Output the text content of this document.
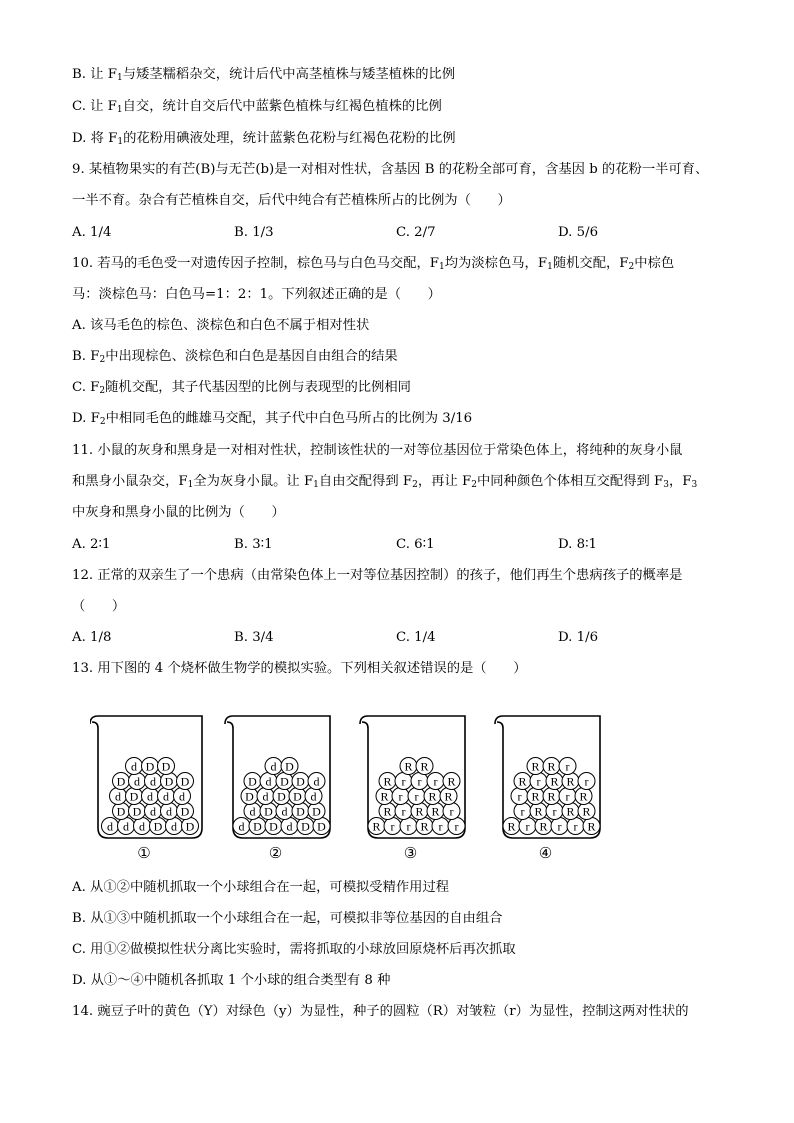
B. 让 $F_1$与矮茎糯稻杂交，统计后代中高茎植株与矮茎植株的比例
C. 让 $F_1$自交，统计自交后代中蓝紫色植株与红褐色植株的比例
D. 将 $F_1$的花粉用碘液处理，统计蓝紫色花粉与红褐色花粉的比例
9. 某植物果实的有芒(B)与无芒(b)是一对相对性状，含基因 B 的花粉全部可育，含基因 b 的花粉一半可育、
一半不育。杂合有芒植株自交，后代中纯合有芒植株所占的比例为（　　）
A. 1/4	B. 1/3	C. 2/7	D. 5/6
10. 若马的毛色受一对遗传因子控制，棕色马与白色马交配，$F_1$均为淡棕色马，$F_1$随机交配，$F_2$中棕色
马：淡棕色马：白色马=1：2：1。下列叙述正确的是（　　）
A. 该马毛色的棕色、淡棕色和白色不属于相对性状
B. $F_2$中出现棕色、淡棕色和白色是基因自由组合的结果
C. $F_2$随机交配，其子代基因型的比例与表现型的比例相同
D. $F_2$中相同毛色的雌雄马交配，其子代中白色马所占的比例为 3/16
11. 小鼠的灰身和黑身是一对相对性状，控制该性状的一对等位基因位于常染色体上，将纯种的灰身小鼠
和黑身小鼠杂交，$F_1$全为灰身小鼠。让 $F_1$自由交配得到 $F_2$，再让 $F_2$中同种颜色个体相互交配得到 $F_3$，$F_3$
中灰身和黑身小鼠的比例为（　　）
A. 2∶1	B. 3∶1	C. 6∶1	D. 8∶1
12. 正常的双亲生了一个患病（由常染色体上一对等位基因控制）的孩子，他们再生个患病孩子的概率是
（　　）
A. 1/8	B. 3/4	C. 1/4	D. 1/6
13. 用下图的 4 个烧杯做生物学的模拟实验。下列相关叙述错误的是（　　）
d d d D d D
D D d d D
d D d d d
D d d D D
d D D
①
d D D d D D
d D d D D
D d D D d
D d D D d
d D
②
R r r R r r
R r R R r
R r r R R
R r r r R
R R
③
R r R r r R
r R r R R
r R R r R
R r R R r
R R r
④
A. 从①②中随机抓取一个小球组合在一起，可模拟受精作用过程
B. 从①③中随机抓取一个小球组合在一起，可模拟非等位基因的自由组合
C. 用①②做模拟性状分离比实验时，需将抓取的小球放回原烧杯后再次抓取
D. 从①～④中随机各抓取 1 个小球的组合类型有 8 种
14. 豌豆子叶的黄色（Y）对绿色（y）为显性，种子的圆粒（R）对皱粒（r）为显性，控制这两对性状的
